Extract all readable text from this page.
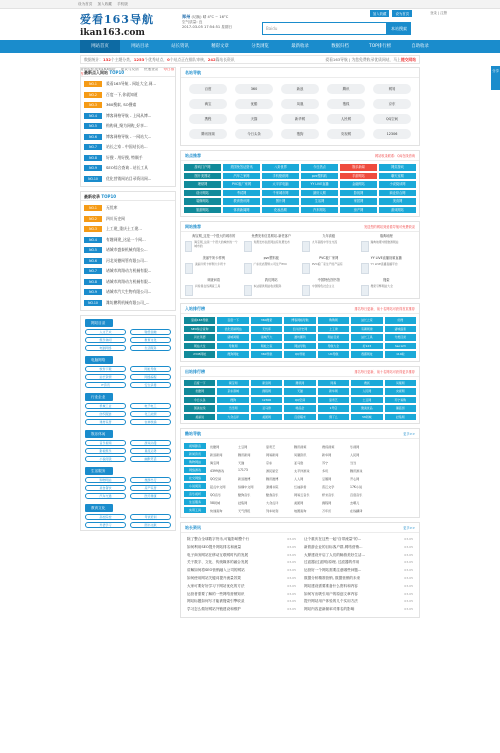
帮您轻松找到163网址 建议与反馈 快速登录 每日推荐
设为首页 加入收藏 手机版
爱看163导航
ikan163.com
郑州 (切换) 晴 4°C ~ 16°C
空气质量: 良
2017-03-05 17:54:51 星期日	Baidu	本站搜索
加入收藏	设为首页	登录 | 注册
网站首页	网站目录	站长资讯	精彩文章	分类浏览	最新收录	数据归档	TOP排行榜	自助收录
数据统计：132个主题分类，1253个优秀站点，0个站点正在排队审核，242篇站长资讯	爱看163导航 | 为您免费收录优质网站，马上提交网站
最新点入网站 TOP10
NO.1	爱看163导航 - 网址大全,网...
NO.2	百度一下,你就知道
NO.3	360搜索, SO搜索
NO.4	博客网格导航 - 上网从博...
NO.5	购购网_聚为网购_好享...
NO.6	博客网格导航 - 一网站大...
NO.7	站长之家 - 中国站长站...
NO.8	好搜 - 用好搜, 特顺手
NO.9	SEO综合查询 - 站长工具
NO.10	优化营销网站目录资讯网...
最新收录 TOP10
NO.1	无忧库
NO.2	四川历史网
NO.3	上工建_重庆土工建...
NO.4	有趣网建_这是一个网...
NO.5	诸城市盛泰机械有限公...
NO.6	河北英德网管有限公司...
NO.7	诸城市鸿翔动力机械有限...
NO.8	诸城市鸿翔动力机械有限...
NO.9	诸城市汽大生物有限公司...
NO.10	潍坊鹏利机械有限公司_...
网站目录
人文艺术	财经金融
娱乐休闲	教育文化
电脑网络	生活服务
电脑网络
软件下载	网址导航
站长资源	网络编程
IT资讯	安全杀毒
行业企业
机械工业	电子电工
纺织服装	化工能源
建材家居	农林牧渔
娱乐休闲
音乐视频	游戏动漫
影视娱乐	星座运势
小说阅读	幽默笑话
生活服务
购物网站	旅游出行
美食餐饮	房产家居
汽车交通	医疗健康
教育文化
高校院校	考试培训
外语学习	图书文献
名站导航
百度	360	新浪	腾讯	网易
淘宝	优酷	凤凰	搜狐	京东
携程	天猫	新华网	人民网	QQ空间
腾讯视频	今日头条	搜狗	央视网	12306
站点推荐	网站收录联系：QQ在线咨询
游戏门户网	美国免签证资讯	八卦世界	今日热点	娱乐新闻	网页游戏
图片美图站	汽车之家网	手机壁纸网	pvc塑料软	手游网站	聊天室网
理财网	PVC板厂家网	太平洋电脑	YY LIVE直播	金融网站	小说阅读网
设计网站	考试网	千家城市网	最好人网	影视网	商业综合网
装修网站	教育资讯网	图片网	生活网	家居网	美食网
旅游网站	体育新闻网	化妆品网	汽车网站	房产网	游戏网站
网站推荐	发送您的网站到爱看导航可免费收录
淘宝网_这是一个很大的城市的	免费发布信息网站-新老客户	九年高级	瑞典地理
淘宝网_这是一个很大的城市的一个城市的
免费发布信息网站有免费发布	九年高级中学生交流	瑞典地理中国旅游网站
美丽牛奶卡样例	pvc塑料板	PVC板厂家网	YY LIVE直播视频直播
美丽牛奶卡样例大牛奶卡	广东优质塑料公司生产PVC	PVC板厂家生产的产品有	YY LIVE直播直播平台
调查问卷	我们网站	中国特色图书馆	搜索
问卷星在线调查工具	本站提供网站收录服务	中国特色社会主义	搜索引擎网站大全
入站排行榜	排名每日更新，前十名网站可获得首页推荐
爱看163导航	百度一下	360搜索	博客网格导航	购购网	站长之家	好搜
SEO综合查询	优化营销网站	无忧库	四川历史网	上工建	有趣网建	诸城盛泰
河北英德	诸城鸿翔	诸城汽大	潍坊鹏利	网站目录	站长工具	分类目录
网站大全	导航网	网址之家	网站导航	导航大全	好123	hao123
2345网址	搜狗网址	360导航	QQ导航	UC导航	毒霸网址	114啦
出站排行榜	排名每日更新，前十名网站可获得更多推荐
百度一下	淘宝网	新浪网	腾讯网	网易	搜狐	凤凰网
优酷网	京东商城	携程网	天猫	新华网	人民网	央视网
今日头条	搜狗	12306	QQ空间	爱奇艺	土豆网	苏宁易购
国美在线	当当网	亚马逊	唯品会	1号店	聚美优品	蘑菇街
美丽说	大众点评	美团网	百度糯米	饿了么	58同城	赶集网
酷站导航	更多>>
视频影音	优酷网	土豆网	爱奇艺	腾讯视频	搜狐视频	乐视网
新闻资讯	新浪新闻	腾讯新闻	网易新闻	凤凰资讯	新华网	人民网
购物网站	淘宝网	天猫	京东	亚马逊	苏宁	当当
网络游戏	4399游戏	17173	游民星空	太平洋游戏	多玩	腾讯游戏
社交网络	QQ空间	新浪微博	腾讯微博	人人网	豆瓣网	开心网
小说阅读	起点中文网	纵横中文网	潇湘书院	红袖添香	晋江文学	17K小说
音乐视听	QQ音乐	酷狗音乐	酷我音乐	网易云音乐	虾米音乐	百度音乐
生活服务	58同城	赶集网	大众点评	美团网	携程网	去哪儿
实用工具	快递查询	天气预报	列车时刻	地图查询	万年历	在线翻译
站长资讯	更多>>
除了整合全球数字货币,可能影响整个行	03-05 让个重庆在这些一起"自带流量"的...	03-05
如何利用SEO提升网站排名和流量	03-05 新旅游企业的目标客户群,网络营销...	03-05
电子商务网站在移动互联网时代的发展	03-05 大厦建设开启了人们的畅游美好生活...	03-05
关于数字、文化、传统媒体的融合发展	03-05 过滤器(过滤网)原理, 过滤器的作用	03-05
讲解如何将SEO营销融入公司的网站	03-05 运营好一个网站需要注意哪些问题...	03-05
如何使用网站关键词提升流量效果	03-05 数据分析精准营销, 数据营销的未来	03-05
大家可要好好学习下网站优化的方法	03-05 网站建设需要准备什么资料和内容	03-05
运营者需要了解的一些网络营销知识	03-05 如何写出吸引用户的原创文章内容	03-05
网站标题如何写才能被搜索引擎收录	03-05 提升网站用户体验的几个实用方法	03-05
学习怎么做好网站外链建设和维护	03-05 网站内容更新频率对排名的影响	03-05
分享
